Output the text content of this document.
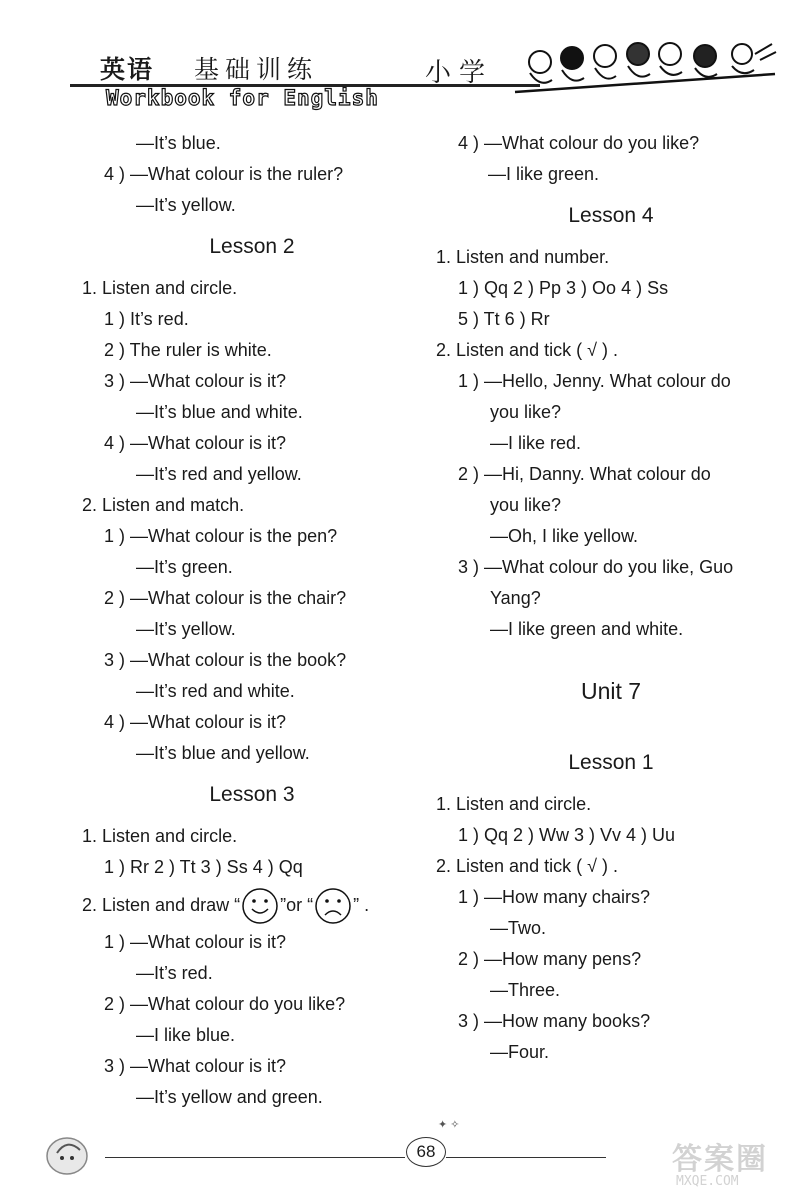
英语 基础训练
Workbook for English
小学
—It’s blue.
4 ) —What colour is the ruler?
—It’s yellow.
Lesson 2
1. Listen and circle.
1 ) It’s red.
2 ) The ruler is white.
3 ) —What colour is it?
—It’s blue and white.
4 ) —What colour is it?
—It’s red and yellow.
2. Listen and match.
1 ) —What colour is the pen?
—It’s green.
2 ) —What colour is the chair?
—It’s yellow.
3 ) —What colour is the book?
—It’s red and white.
4 ) —What colour is it?
—It’s blue and yellow.
Lesson 3
1. Listen and circle.
1 ) Rr 2 ) Tt 3 ) Ss 4 ) Qq
2. Listen and draw “ ”or “ ” .
1 ) —What colour is it?
—It’s red.
2 ) —What colour do you like?
—I like blue.
3 ) —What colour is it?
—It’s yellow and green.
4 ) —What colour do you like?
—I like green.
Lesson 4
1. Listen and number.
1 ) Qq 2 ) Pp 3 ) Oo 4 ) Ss
5 ) Tt 6 ) Rr
2. Listen and tick ( √ ) .
1 ) —Hello, Jenny. What colour do
you like?
—I like red.
2 ) —Hi, Danny. What colour do
you like?
—Oh, I like yellow.
3 ) —What colour do you like, Guo
Yang?
—I like green and white.
Unit 7
Lesson 1
1. Listen and circle.
1 ) Qq 2 ) Ww 3 ) Vv 4 ) Uu
2. Listen and tick ( √ ) .
1 ) —How many chairs?
—Two.
2 ) —How many pens?
—Three.
3 ) —How many books?
—Four.
68
✦ ✧
答案圈
MXQE.COM
